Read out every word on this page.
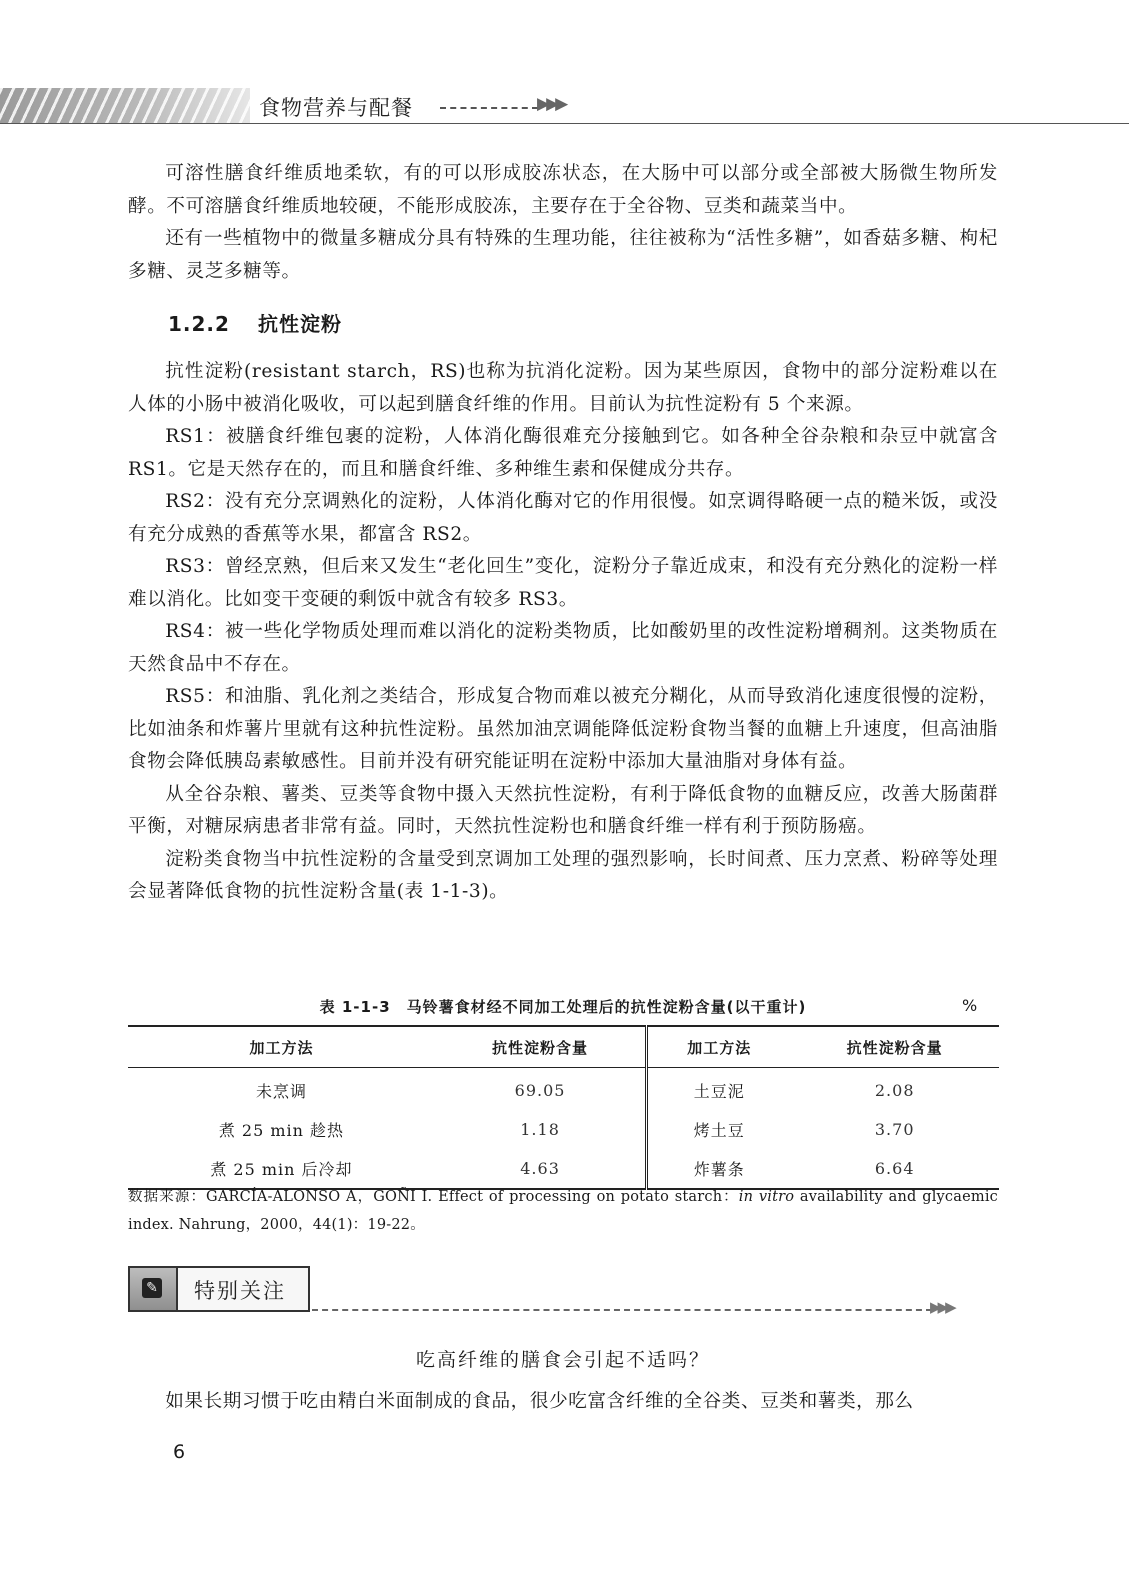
食物营养与配餐	▶▶▶

可溶性膳食纤维质地柔软，有的可以形成胶冻状态，在大肠中可以部分或全部被大肠微生物所发酵。不可溶膳食纤维质地较硬，不能形成胶冻，主要存在于全谷物、豆类和蔬菜当中。

还有一些植物中的微量多糖成分具有特殊的生理功能，往往被称为“活性多糖”，如香菇多糖、枸杞多糖、灵芝多糖等。

1.2.2 抗性淀粉

抗性淀粉(resistant starch，RS)也称为抗消化淀粉。因为某些原因，食物中的部分淀粉难以在人体的小肠中被消化吸收，可以起到膳食纤维的作用。目前认为抗性淀粉有 5 个来源。

RS1：被膳食纤维包裹的淀粉，人体消化酶很难充分接触到它。如各种全谷杂粮和杂豆中就富含 RS1。它是天然存在的，而且和膳食纤维、多种维生素和保健成分共存。

RS2：没有充分烹调熟化的淀粉，人体消化酶对它的作用很慢。如烹调得略硬一点的糙米饭，或没有充分成熟的香蕉等水果，都富含 RS2。

RS3：曾经烹熟，但后来又发生“老化回生”变化，淀粉分子靠近成束，和没有充分熟化的淀粉一样难以消化。比如变干变硬的剩饭中就含有较多 RS3。

RS4：被一些化学物质处理而难以消化的淀粉类物质，比如酸奶里的改性淀粉增稠剂。这类物质在天然食品中不存在。

RS5：和油脂、乳化剂之类结合，形成复合物而难以被充分糊化，从而导致消化速度很慢的淀粉，比如油条和炸薯片里就有这种抗性淀粉。虽然加油烹调能降低淀粉食物当餐的血糖上升速度，但高油脂食物会降低胰岛素敏感性。目前并没有研究能证明在淀粉中添加大量油脂对身体有益。

从全谷杂粮、薯类、豆类等食物中摄入天然抗性淀粉，有利于降低食物的血糖反应，改善大肠菌群平衡，对糖尿病患者非常有益。同时，天然抗性淀粉也和膳食纤维一样有利于预防肠癌。

淀粉类食物当中抗性淀粉的含量受到烹调加工处理的强烈影响，长时间煮、压力烹煮、粉碎等处理会显著降低食物的抗性淀粉含量(表 1-1-3)。

表 1-1-3　马铃薯食材经不同加工处理后的抗性淀粉含量(以干重计)	%
加工方法	抗性淀粉含量	加工方法	抗性淀粉含量
未烹调	69.05	土豆泥	2.08
煮 25 min 趁热	1.18	烤土豆	3.70
煮 25 min 后冷却	4.63	炸薯条	6.64
数据来源：GARCÍA-ALONSO A，GOÑI I. Effect of processing on potato starch：in vitro availability and glycaemic index. Nahrung，2000，44(1)：19-22。
✎ 特别关注
▶▶▶
吃高纤维的膳食会引起不适吗？

如果长期习惯于吃由精白米面制成的食品，很少吃富含纤维的全谷类、豆类和薯类，那么

6
